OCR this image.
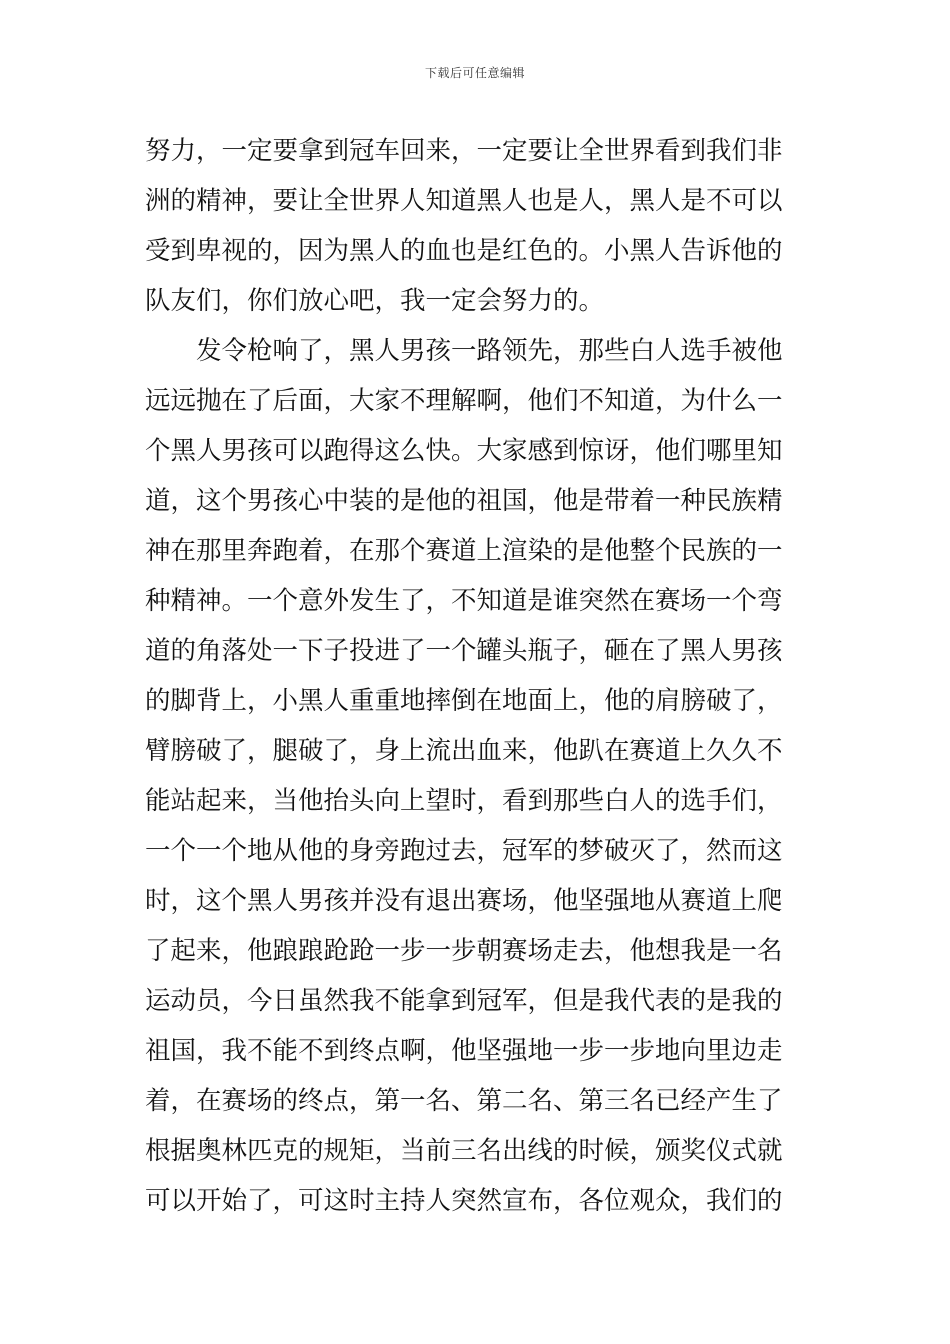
下载后可任意编辑
努力，一定要拿到冠车回来，一定要让全世界看到我们非
洲的精神，要让全世界人知道黑人也是人，黑人是不可以
受到卑视的，因为黑人的血也是红色的。小黑人告诉他的
队友们，你们放心吧，我一定会努力的。
发令枪响了，黑人男孩一路领先，那些白人选手被他
远远抛在了后面，大家不理解啊，他们不知道，为什么一
个黑人男孩可以跑得这么快。大家感到惊讶，他们哪里知
道，这个男孩心中装的是他的祖国，他是带着一种民族精
神在那里奔跑着，在那个赛道上渲染的是他整个民族的一
种精神。一个意外发生了，不知道是谁突然在赛场一个弯
道的角落处一下子投进了一个罐头瓶子，砸在了黑人男孩
的脚背上，小黑人重重地摔倒在地面上，他的肩膀破了，
臂膀破了，腿破了，身上流出血来，他趴在赛道上久久不
能站起来，当他抬头向上望时，看到那些白人的选手们，
一个一个地从他的身旁跑过去，冠军的梦破灭了，然而这
时，这个黑人男孩并没有退出赛场，他坚强地从赛道上爬
了起来，他踉踉跄跄一步一步朝赛场走去，他想我是一名
运动员，今日虽然我不能拿到冠军，但是我代表的是我的
祖国，我不能不到终点啊，他坚强地一步一步地向里边走
着，在赛场的终点，第一名、第二名、第三名已经产生了
根据奥林匹克的规矩，当前三名出线的时候，颁奖仪式就
可以开始了，可这时主持人突然宣布，各位观众，我们的
